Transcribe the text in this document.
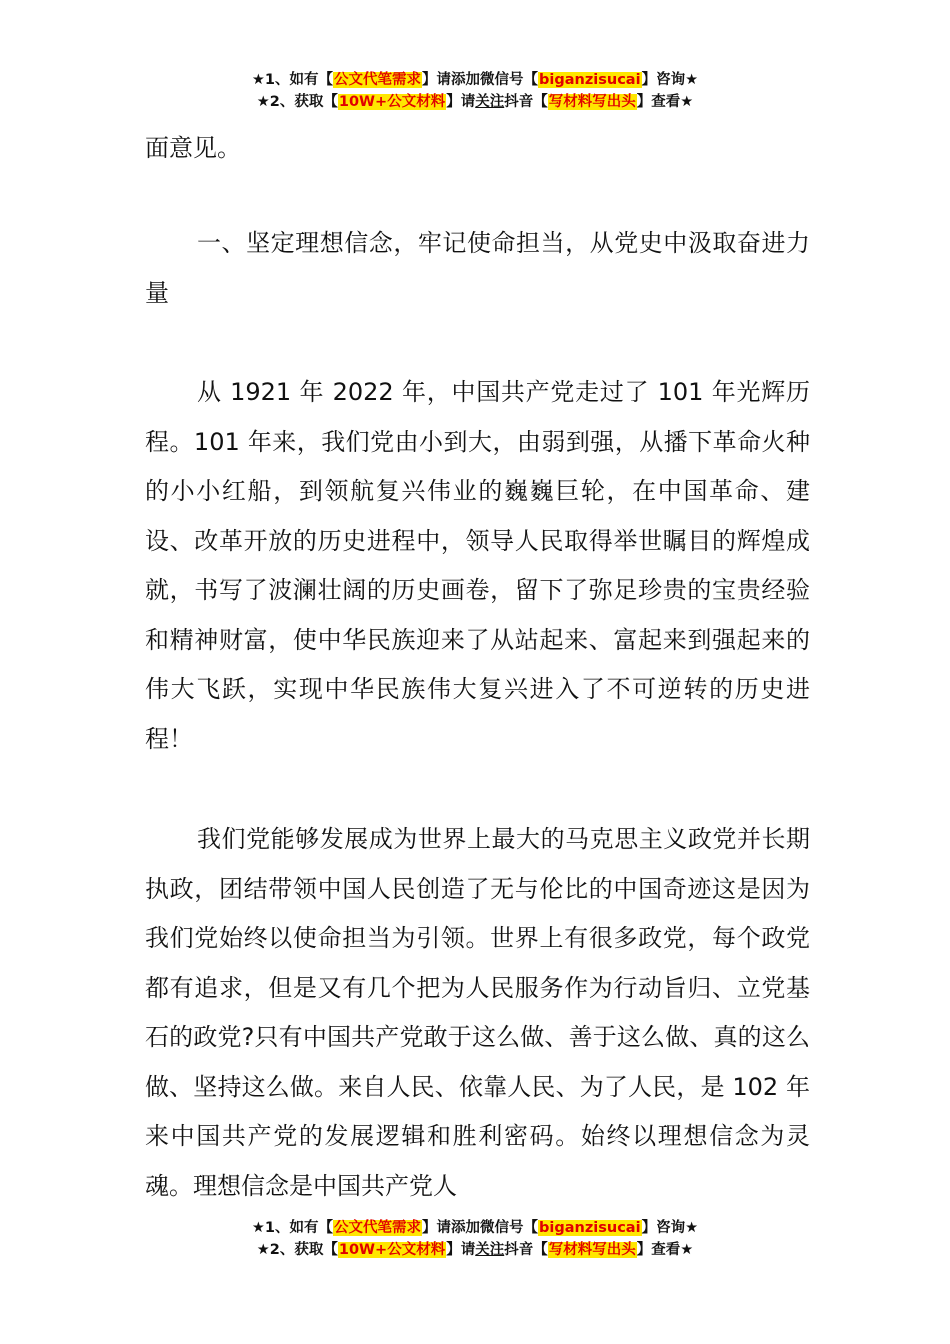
★1、如有【公文代笔需求】请添加微信号【biganzisucai】咨询★
★2、获取【10W+公文材料】请关注抖音【写材料写出头】查看★

面意见。

一、坚定理想信念，牢记使命担当，从党史中汲取奋进力量

从 1921 年 2022 年，中国共产党走过了 101 年光辉历程。101 年来，我们党由小到大，由弱到强，从播下革命火种的小小红船，到领航复兴伟业的巍巍巨轮，在中国革命、建设、改革开放的历史进程中，领导人民取得举世瞩目的辉煌成就，书写了波澜壮阔的历史画卷，留下了弥足珍贵的宝贵经验和精神财富，使中华民族迎来了从站起来、富起来到强起来的伟大飞跃，实现中华民族伟大复兴进入了不可逆转的历史进程！

我们党能够发展成为世界上最大的马克思主义政党并长期执政，团结带领中国人民创造了无与伦比的中国奇迹这是因为我们党始终以使命担当为引领。世界上有很多政党，每个政党都有追求，但是又有几个把为人民服务作为行动旨归、立党基石的政党?只有中国共产党敢于这么做、善于这么做、真的这么做、坚持这么做。来自人民、依靠人民、为了人民，是 102 年来中国共产党的发展逻辑和胜利密码。始终以理想信念为灵魂。理想信念是中国共产党人

★1、如有【公文代笔需求】请添加微信号【biganzisucai】咨询★
★2、获取【10W+公文材料】请关注抖音【写材料写出头】查看★
